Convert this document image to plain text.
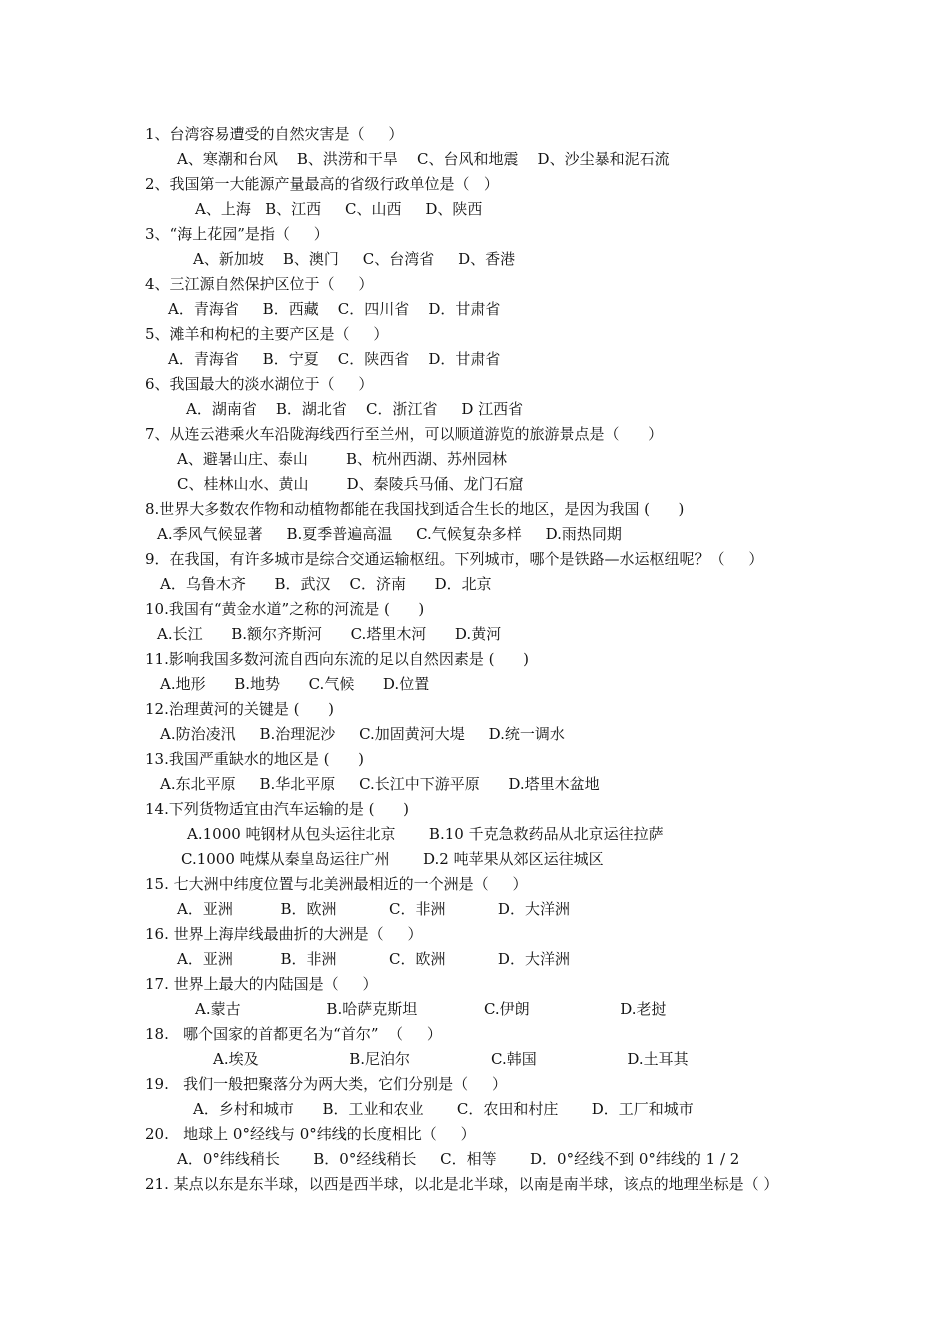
1、台湾容易遭受的自然灾害是（     ）
A、寒潮和台风    B、洪涝和干旱    C、台风和地震    D、沙尘暴和泥石流
2、我国第一大能源产量最高的省级行政单位是（   ）
A、上海   B、江西     C、山西     D、陕西
3、“海上花园”是指（     ）
A、新加坡    B、澳门     C、台湾省     D、香港
4、三江源自然保护区位于（     ）
A．青海省     B．西藏    C．四川省    D．甘肃省
5、滩羊和枸杞的主要产区是（     ）
A．青海省     B．宁夏    C．陕西省    D．甘肃省
6、我国最大的淡水湖位于（     ）
A．湖南省    B．湖北省    C．浙江省     D 江西省
7、从连云港乘火车沿陇海线西行至兰州，可以顺道游览的旅游景点是（      ）
A、避暑山庄、泰山        B、杭州西湖、苏州园林
C、桂林山水、黄山        D、秦陵兵马俑、龙门石窟
8.世界大多数农作物和动植物都能在我国找到适合生长的地区，是因为我国 (      )
A.季风气候显著     B.夏季普遍高温     C.气候复杂多样     D.雨热同期
9．在我国，有许多城市是综合交通运输枢纽。下列城市，哪个是铁路—水运枢纽呢？（     ）
A．乌鲁木齐      B．武汉    C．济南      D．北京
10.我国有“黄金水道”之称的河流是 (      )
A.长江      B.额尔齐斯河      C.塔里木河      D.黄河
11.影响我国多数河流自西向东流的足以自然因素是 (      )
A.地形      B.地势      C.气候      D.位置
12.治理黄河的关键是 (      )
A.防治凌汛     B.治理泥沙     C.加固黄河大堤     D.统一调水
13.我国严重缺水的地区是 (      )
A.东北平原     B.华北平原     C.长江中下游平原      D.塔里木盆地
14.下列货物适宜由汽车运输的是 (      )
A.1000 吨钢材从包头运往北京       B.10 千克急救药品从北京运往拉萨
C.1000 吨煤从秦皇岛运往广州       D.2 吨苹果从郊区运往城区
15. 七大洲中纬度位置与北美洲最相近的一个洲是（     ）
A．亚洲          B．欧洲           C．非洲           D．大洋洲
16. 世界上海岸线最曲折的大洲是（     ）
A．亚洲          B．非洲           C．欧洲           D．大洋洲
17. 世界上最大的内陆国是（     ）
A.蒙古                  B.哈萨克斯坦              C.伊朗                   D.老挝
18.   哪个国家的首都更名为“首尔”  （     ）
A.埃及                   B.尼泊尔                 C.韩国                   D.土耳其
19.   我们一般把聚落分为两大类，它们分别是（     ）
A．乡村和城市      B．工业和农业       C．农田和村庄       D．工厂和城市
20.   地球上 0°经线与 0°纬线的长度相比（     ）
A．0°纬线稍长       B．0°经线稍长     C．相等       D．0°经线不到 0°纬线的 1 / 2
21. 某点以东是东半球，以西是西半球，以北是北半球，以南是南半球，该点的地理坐标是（ ）
